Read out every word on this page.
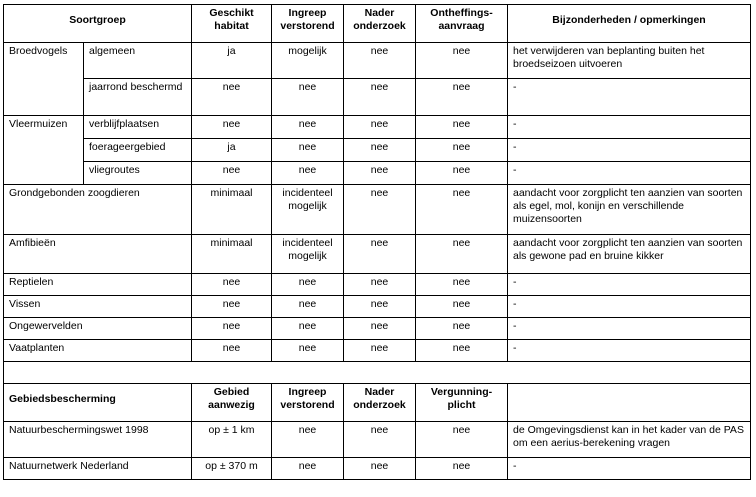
Soortgroep		Geschikt habitat	Ingreep verstorend	Nader onderzoek	Ontheffings-aanvraag	Bijzonderheden / opmerkingen
Broedvogels	algemeen	ja	mogelijk	nee	nee	het verwijderen van beplanting buiten het broedseizoen uitvoeren
	jaarrond beschermd	nee	nee	nee	nee	-
Vleermuizen	verblijfplaatsen	nee	nee	nee	nee	-
	foerageergebied	ja	nee	nee	nee	-
	vliegroutes	nee	nee	nee	nee	-
Grondgebonden zoogdieren		minimaal	incidenteel mogelijk	nee	nee	aandacht voor zorgplicht ten aanzien van soorten als egel, mol, konijn en verschillende muizensoorten
Amfibieën		minimaal	incidenteel mogelijk	nee	nee	aandacht voor zorgplicht ten aanzien van soorten als gewone pad en bruine kikker
Reptielen		nee	nee	nee	nee	-
Vissen		nee	nee	nee	nee	-
Ongewervelden		nee	nee	nee	nee	-
Vaatplanten		nee	nee	nee	nee	-

Gebiedsbescherming		Gebied aanwezig	Ingreep verstorend	Nader onderzoek	Vergunning-plicht	
Natuurbeschermingswet 1998		op ± 1 km	nee	nee	nee	de Omgevingsdienst kan in het kader van de PAS om een aerius-berekening vragen
Natuurnetwerk Nederland		op ± 370 m	nee	nee	nee	-
